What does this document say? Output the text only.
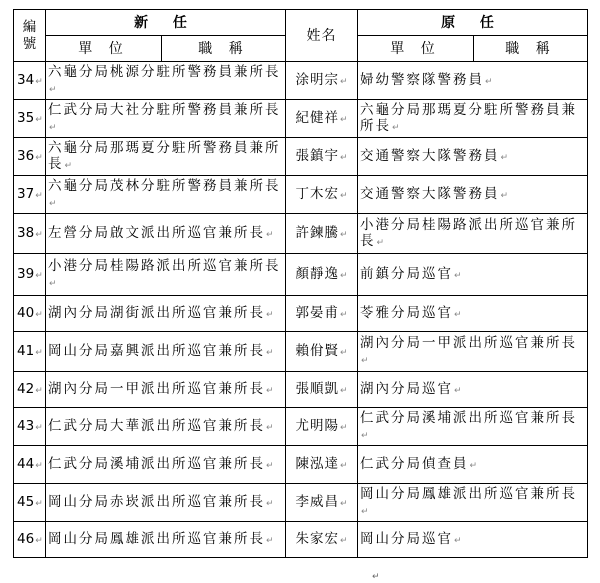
編號	新 任		姓名	原 任	
	單 位	職 稱		單 位	職 稱
34↵	六龜分局桃源分駐所警務員兼所長↵		涂明宗↵	婦幼警察隊警務員↵	
35↵	仁武分局大社分駐所警務員兼所長↵		紀健祥↵	六龜分局那瑪夏分駐所警務員兼所長↵	
36↵	六龜分局那瑪夏分駐所警務員兼所長↵		張鎮宇↵	交通警察大隊警務員↵	
37↵	六龜分局茂林分駐所警務員兼所長↵		丁木宏↵	交通警察大隊警務員↵	
38↵	左營分局啟文派出所巡官兼所長↵		許鍊騰↵	小港分局桂陽路派出所巡官兼所長↵	
39↵	小港分局桂陽路派出所巡官兼所長↵		顏靜逸↵	前鎮分局巡官↵	
40↵	湖內分局湖街派出所巡官兼所長↵		郭晏甫↵	苓雅分局巡官↵	
41↵	岡山分局嘉興派出所巡官兼所長↵		賴佾賢↵	湖內分局一甲派出所巡官兼所長↵	
42↵	湖內分局一甲派出所巡官兼所長↵		張順凱↵	湖內分局巡官↵	
43↵	仁武分局大華派出所巡官兼所長↵		尤明陽↵	仁武分局溪埔派出所巡官兼所長↵	
44↵	仁武分局溪埔派出所巡官兼所長↵		陳泓達↵	仁武分局偵查員↵	
45↵	岡山分局赤崁派出所巡官兼所長↵		李威昌↵	岡山分局鳳雄派出所巡官兼所長↵	
46↵	岡山分局鳳雄派出所巡官兼所長↵		朱家宏↵	岡山分局巡官↵	
↵
